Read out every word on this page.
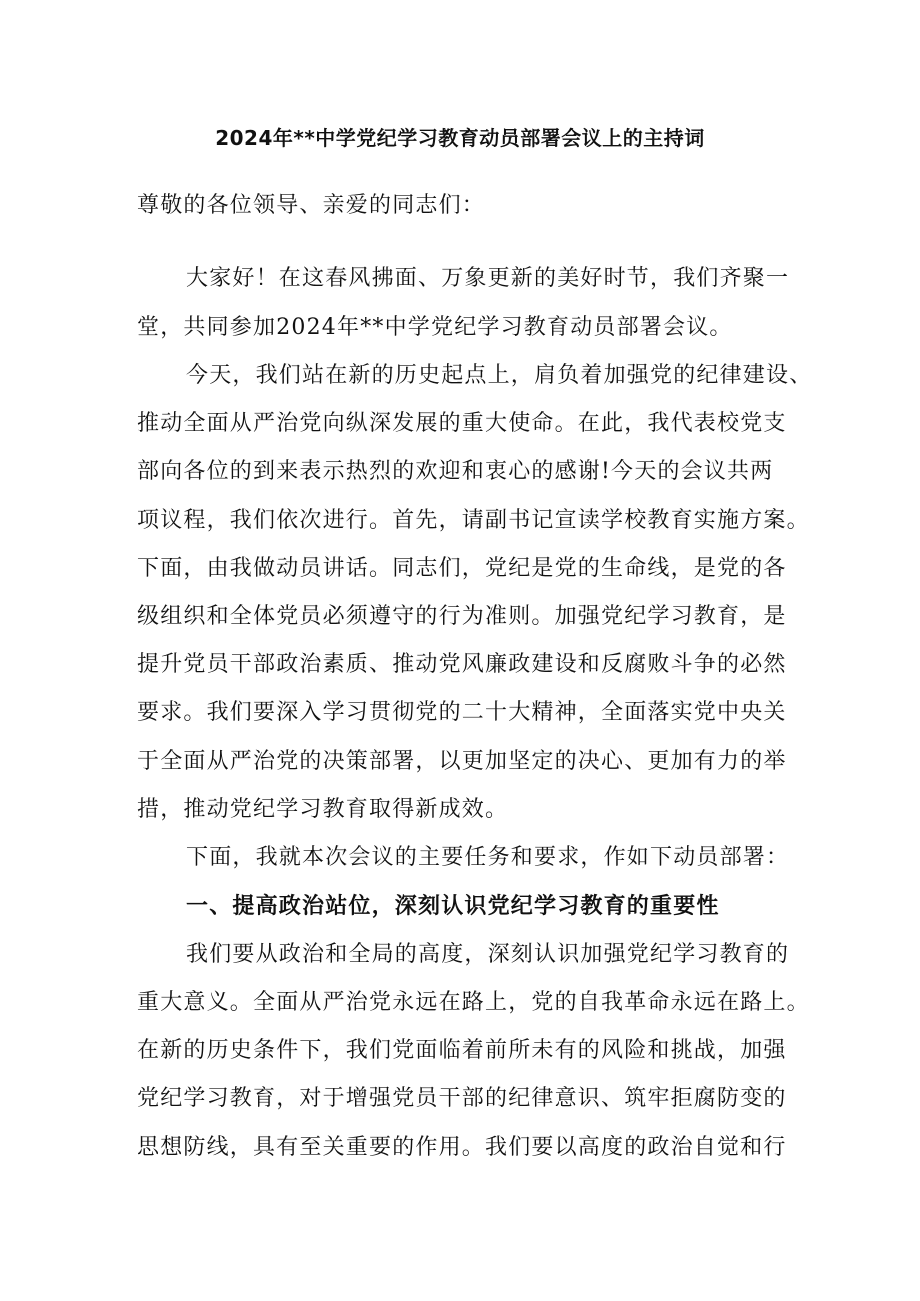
2024年**中学党纪学习教育动员部署会议上的主持词
尊敬的各位领导、亲爱的同志们：
大家好！在这春风拂面、万象更新的美好时节，我们齐聚一
堂，共同参加2024年**中学党纪学习教育动员部署会议。
今天，我们站在新的历史起点上，肩负着加强党的纪律建设、
推动全面从严治党向纵深发展的重大使命。在此，我代表校党支
部向各位的到来表示热烈的欢迎和衷心的感谢!今天的会议共两
项议程，我们依次进行。首先，请副书记宣读学校教育实施方案。
下面，由我做动员讲话。同志们，党纪是党的生命线，是党的各
级组织和全体党员必须遵守的行为准则。加强党纪学习教育，是
提升党员干部政治素质、推动党风廉政建设和反腐败斗争的必然
要求。我们要深入学习贯彻党的二十大精神，全面落实党中央关
于全面从严治党的决策部署，以更加坚定的决心、更加有力的举
措，推动党纪学习教育取得新成效。
下面，我就本次会议的主要任务和要求，作如下动员部署：
一、提高政治站位，深刻认识党纪学习教育的重要性
我们要从政治和全局的高度，深刻认识加强党纪学习教育的
重大意义。全面从严治党永远在路上，党的自我革命永远在路上。
在新的历史条件下，我们党面临着前所未有的风险和挑战，加强
党纪学习教育，对于增强党员干部的纪律意识、筑牢拒腐防变的
思想防线，具有至关重要的作用。我们要以高度的政治自觉和行
